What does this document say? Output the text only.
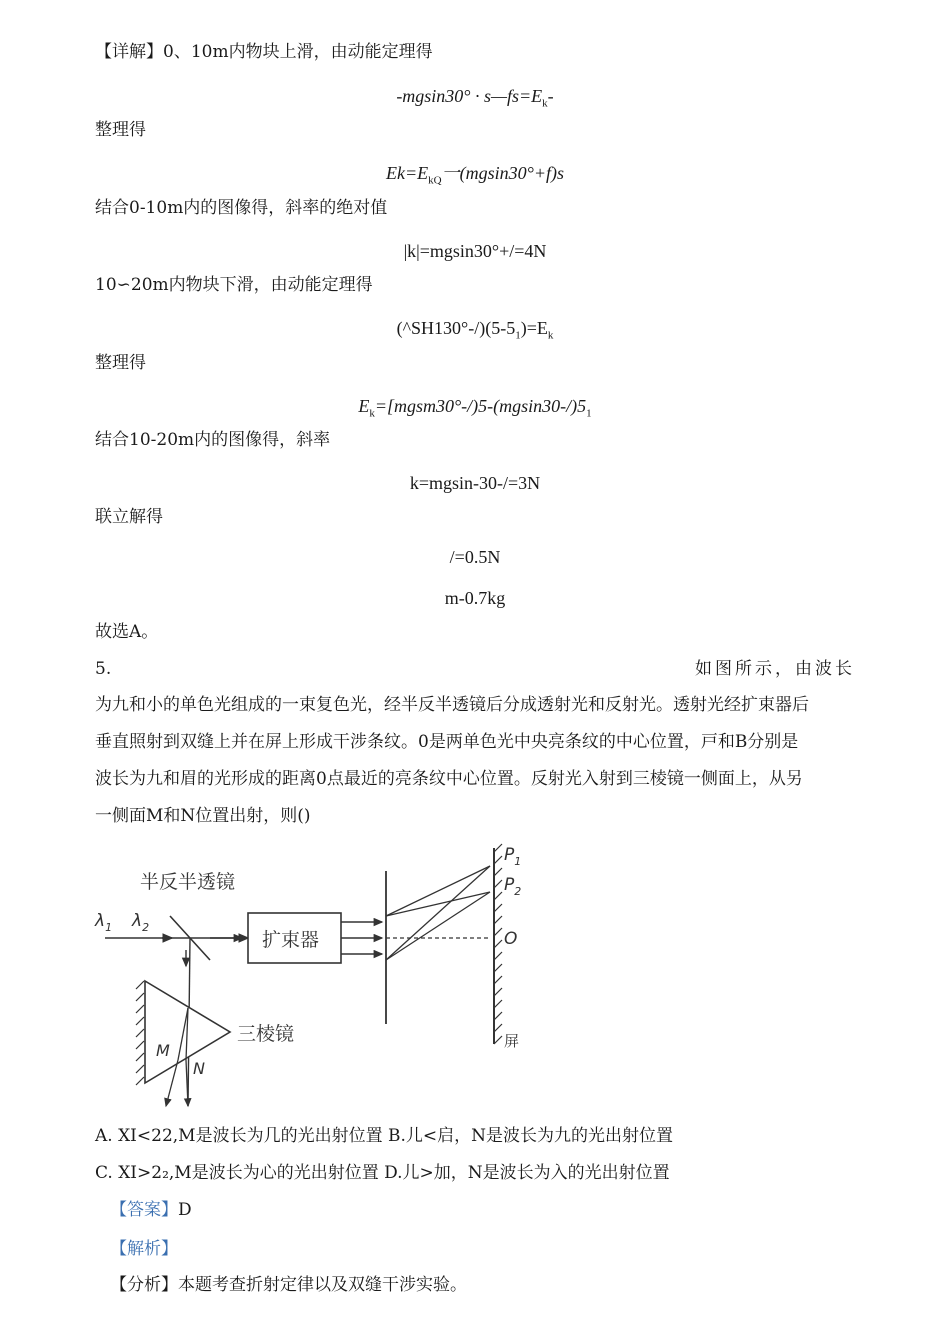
【详解】0、10m内物块上滑，由动能定理得
$-mgsin30^\circ \cdot s—fs=E_k-$
整理得
$Ek=E_{kQ}$一(mgsin30°+f)s
结合0-10m内的图像得，斜率的绝对值
|k|=mgsin30°+/=4N
10∽20m内物块下滑，由动能定理得
$(\^{}SH130^\circ-/)(5-5_1)=E_k$
整理得
$E_k=[mgsm30^\circ-/)5-(mgsin30-/)5_1$
结合10-20m内的图像得，斜率
k=mgsin-30-/=3N
联立解得
/=0.5N
m-0.7kg
故选A。
5.	如图所示，由波长
为九和小的单色光组成的一束复色光，经半反半透镜后分成透射光和反射光。透射光经扩束器后
垂直照射到双缝上并在屏上形成干涉条纹。0是两单色光中央亮条纹的中心位置，戸和B分别是
波长为九和眉的光形成的距离0点最近的亮条纹中心位置。反射光入射到三棱镜一侧面上，从另
一侧面M和N位置出射，则()
半反半透镜
$\lambda_1$ $\lambda_2$
扩束器
$P_1$
$P_2$
O
屏
三棱镜
M
N
A. XI<22,M是波长为几的光出射位置 B.儿<启，N是波长为九的光出射位置
C. XI>2₂,M是波长为心的光出射位置 D.儿>加，N是波长为入的光出射位置
【答案】D
【解析】
【分析】本题考查折射定律以及双缝干涉实验。
